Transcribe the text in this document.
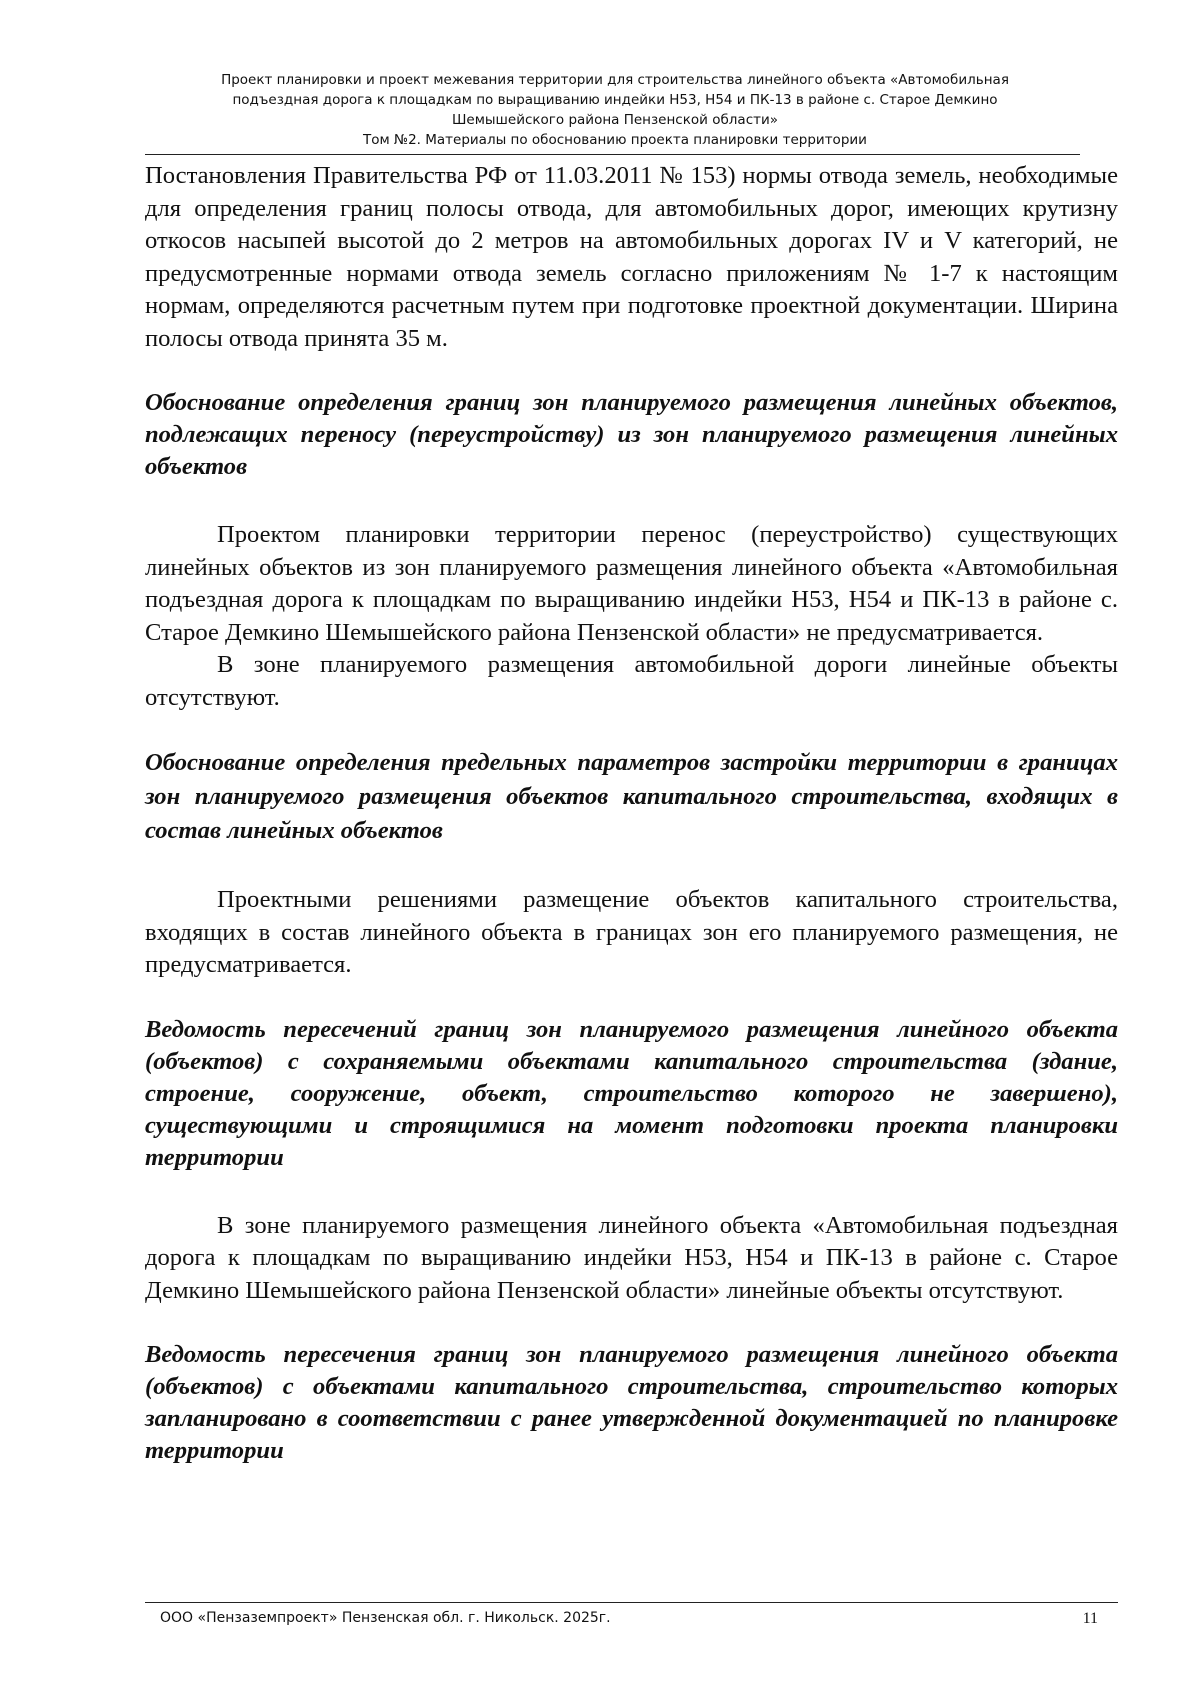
Проект планировки и проект межевания территории для строительства линейного объекта «Автомобильная
подъездная дорога к площадкам по выращиванию индейки Н53, Н54 и ПК-13 в районе с. Старое Демкино
Шемышейского района Пензенской области»
Том №2. Материалы по обоснованию проекта планировки территории

Постановления Правительства РФ от 11.03.2011 № 153) нормы отвода земель, необходимые для определения границ полосы отвода, для автомобильных дорог, имеющих крутизну откосов насыпей высотой до 2 метров на автомобильных дорогах IV и V категорий, не предусмотренные нормами отвода земель согласно приложениям № 1-7 к настоящим нормам, определяются расчетным путем при подготовке проектной документации. Ширина полосы отвода принята 35 м.

Обоснование определения границ зон планируемого размещения линейных объектов, подлежащих переносу (переустройству) из зон планируемого размещения линейных объектов

Проектом планировки территории перенос (переустройство) существующих линейных объектов из зон планируемого размещения линейного объекта «Автомобильная подъездная дорога к площадкам по выращиванию индейки Н53, Н54 и ПК-13 в районе с. Старое Демкино Шемышейского района Пензенской области» не предусматривается.

В зоне планируемого размещения автомобильной дороги линейные объекты отсутствуют.

Обоснование определения предельных параметров застройки территории в границах зон планируемого размещения объектов капитального строительства, входящих в состав линейных объектов

Проектными решениями размещение объектов капитального строительства, входящих в состав линейного объекта в границах зон его планируемого размещения, не предусматривается.

Ведомость пересечений границ зон планируемого размещения линейного объекта (объектов) с сохраняемыми объектами капитального строительства (здание, строение, сооружение, объект, строительство которого не завершено), существующими и строящимися на момент подготовки проекта планировки территории

В зоне планируемого размещения линейного объекта «Автомобильная подъездная дорога к площадкам по выращиванию индейки Н53, Н54 и ПК-13 в районе с. Старое Демкино Шемышейского района Пензенской области» линейные объекты отсутствуют.

Ведомость пересечения границ зон планируемого размещения линейного объекта (объектов) с объектами капитального строительства, строительство которых запланировано в соответствии с ранее утвержденной документацией по планировке территории

ООО «Пензаземпроект» Пензенская обл. г. Никольск. 2025г.	11
